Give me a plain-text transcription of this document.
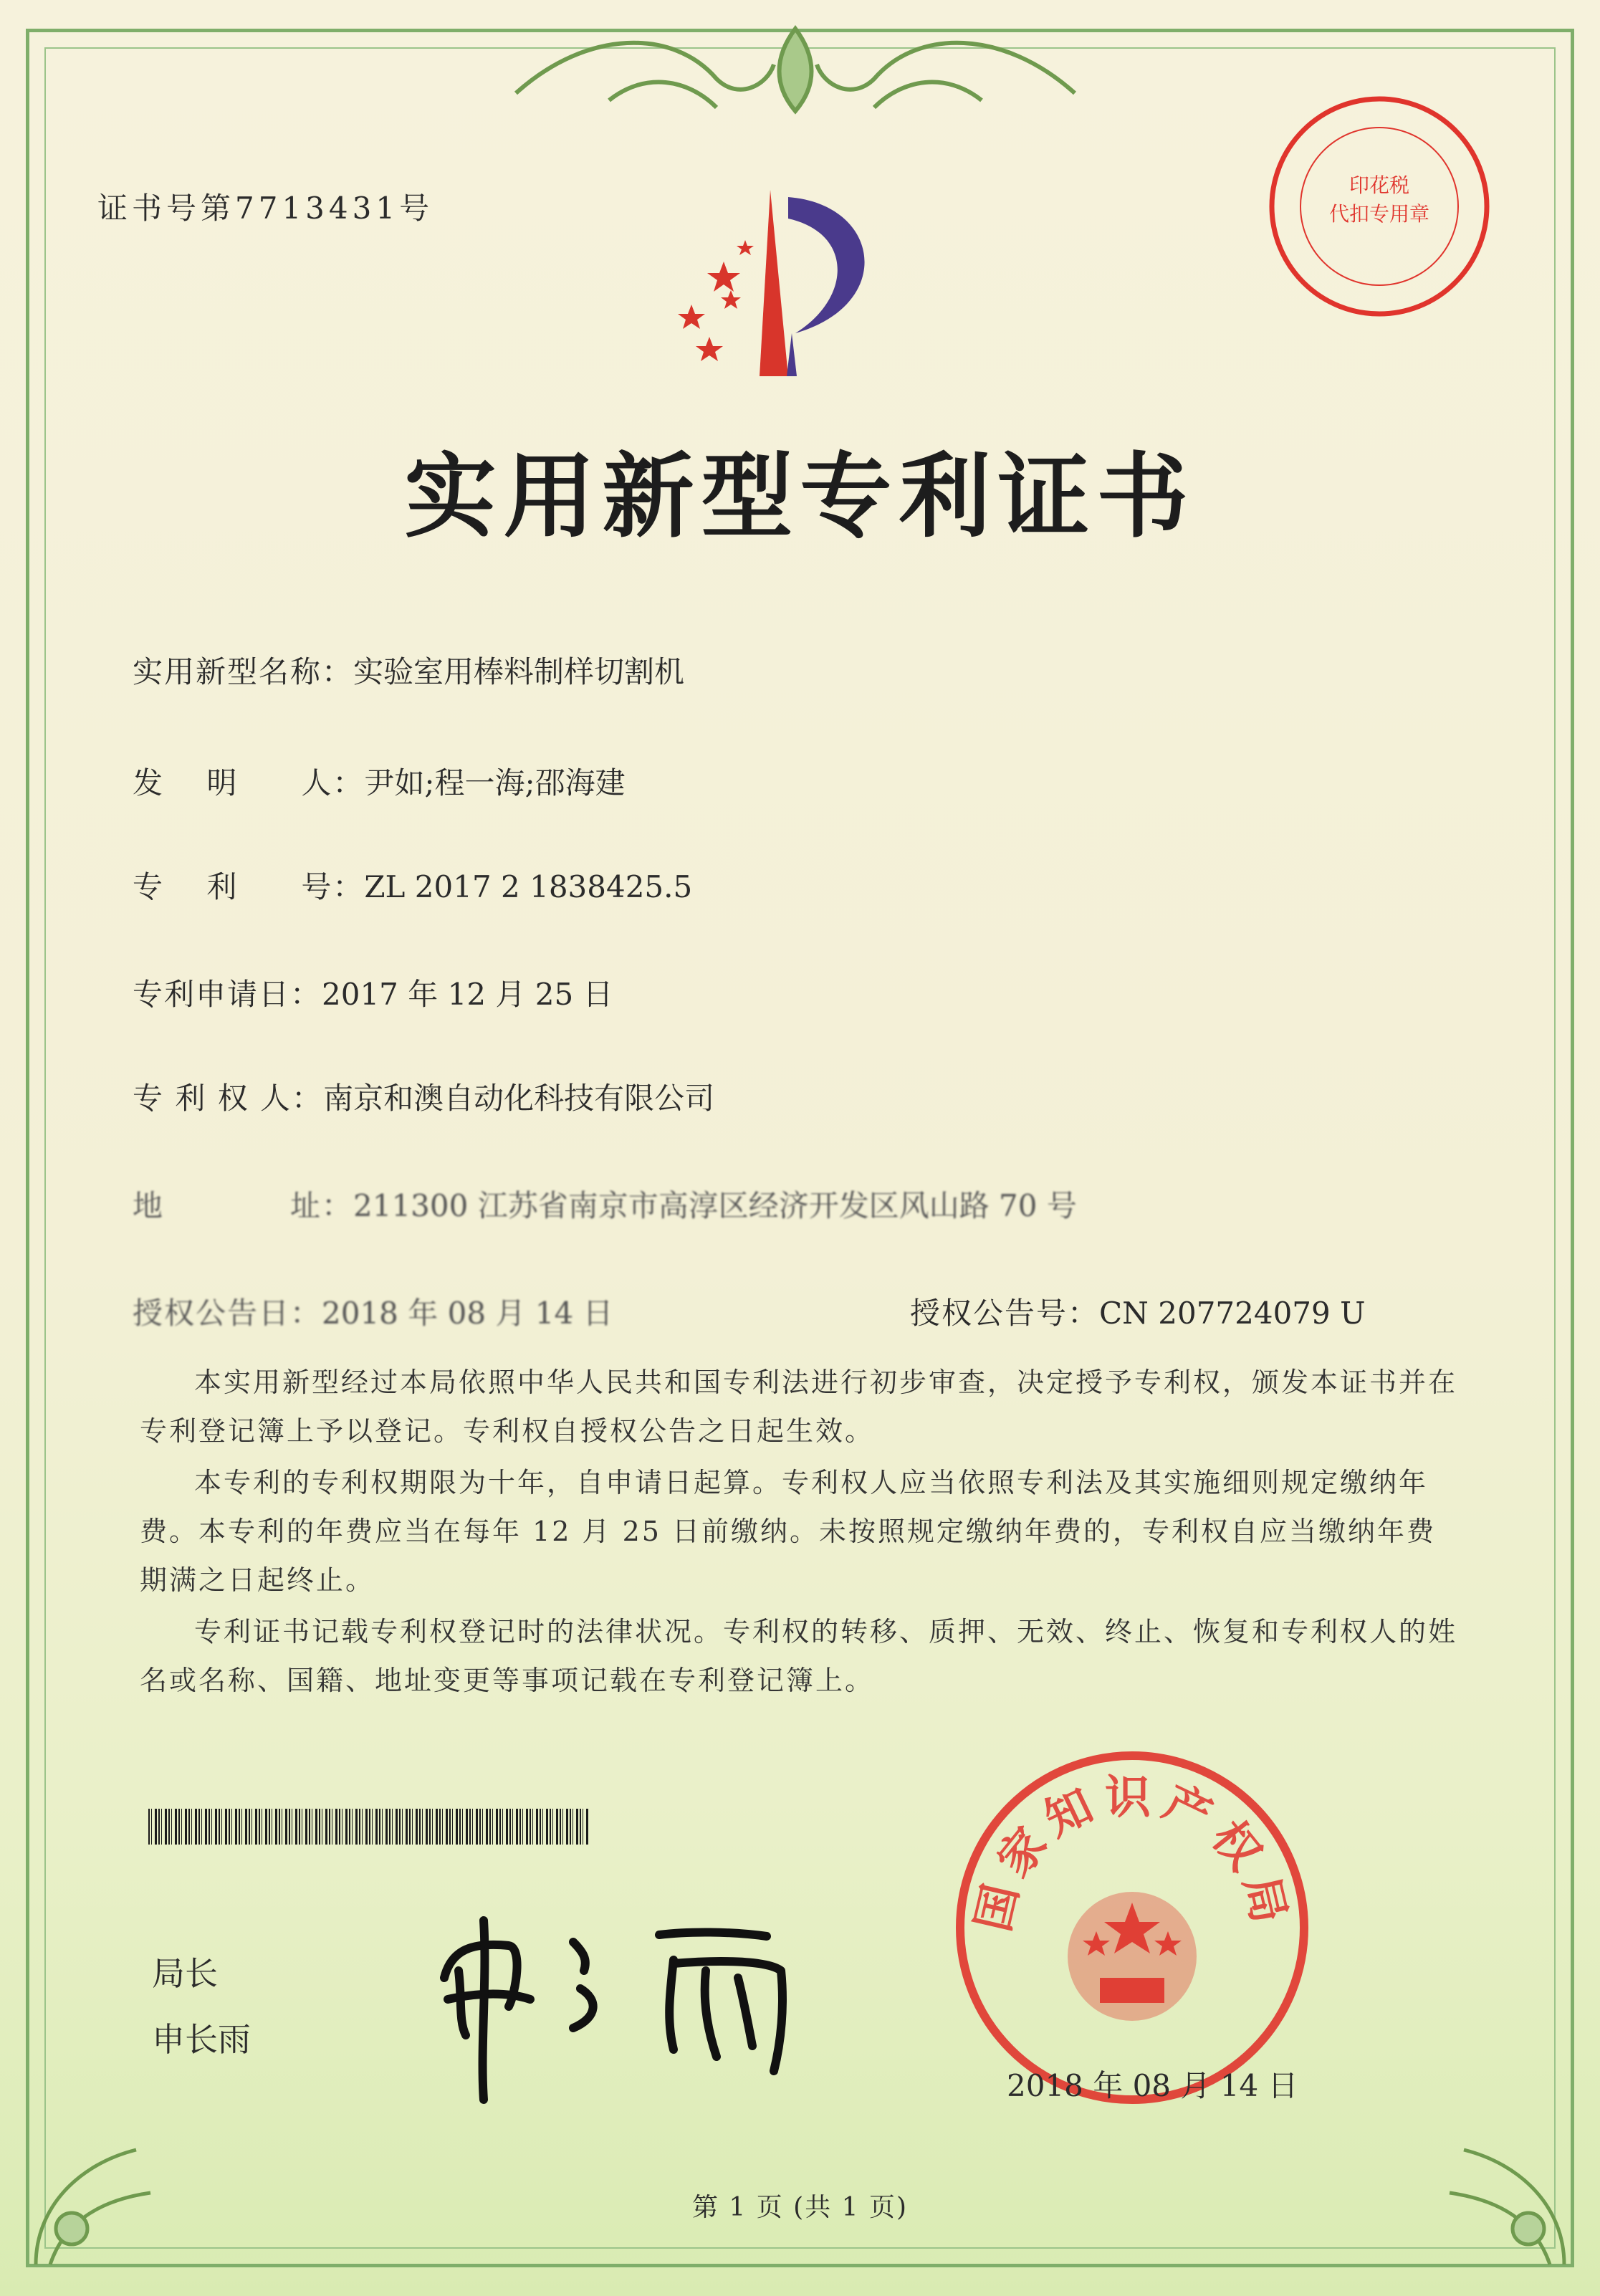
证书号第7713431号
印花税
代扣专用章
实用新型专利证书
实用新型名称：实验室用棒料制样切割机
发　 明　　人：尹如;程一海;邵海建
专　 利　　号：ZL 2017 2 1838425.5
专利申请日：2017 年 12 月 25 日
专 利 权 人：南京和澳自动化科技有限公司
地　　　　址：211300 江苏省南京市高淳区经济开发区风山路 70 号
授权公告日：2018 年 08 月 14 日	授权公告号：CN 207724079 U

本实用新型经过本局依照中华人民共和国专利法进行初步审查，决定授予专利权，颁发本证书并在专利登记簿上予以登记。专利权自授权公告之日起生效。

本专利的专利权期限为十年，自申请日起算。专利权人应当依照专利法及其实施细则规定缴纳年费。本专利的年费应当在每年 12 月 25 日前缴纳。未按照规定缴纳年费的，专利权自应当缴纳年费期满之日起终止。

专利证书记载专利权登记时的法律状况。专利权的转移、质押、无效、终止、恢复和专利权人的姓名或名称、国籍、地址变更等事项记载在专利登记簿上。

局长
申长雨
国家知识产权局
2018 年 08 月 14 日
第 1 页 (共 1 页)
